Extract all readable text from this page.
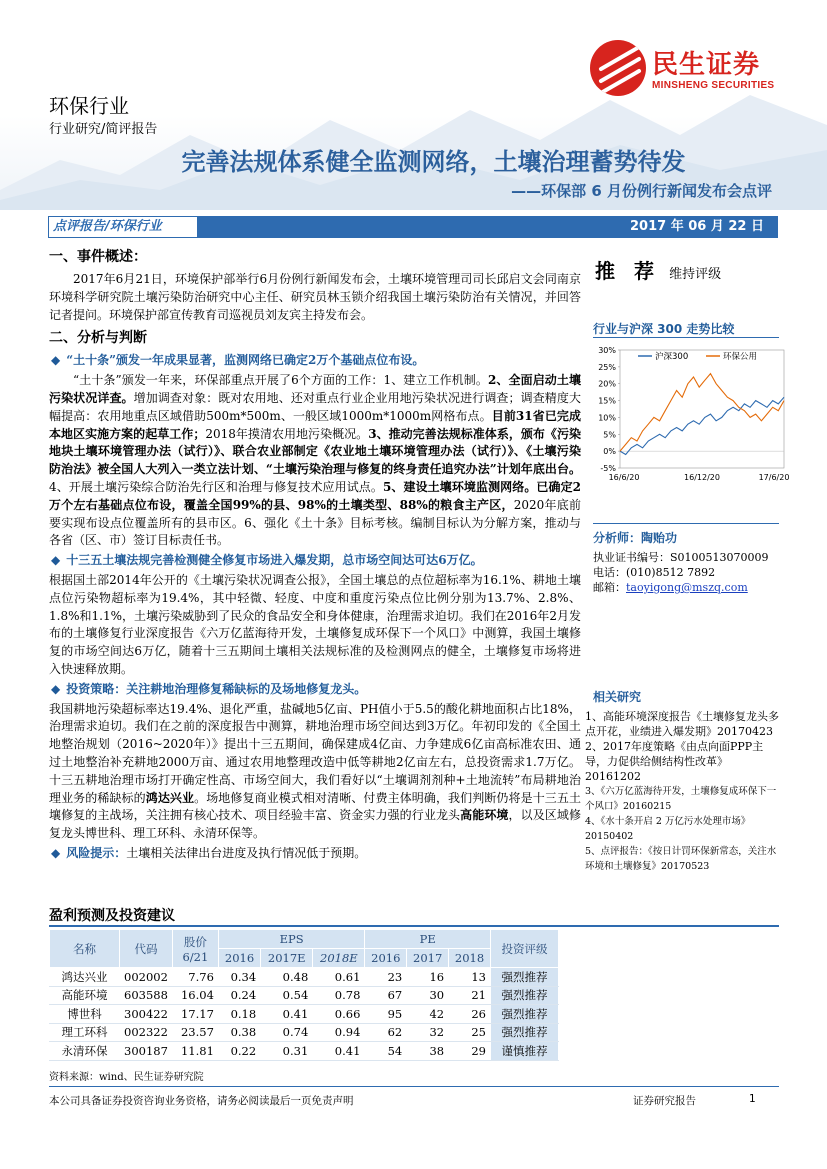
民生证券
MINSHENG SECURITIES
环保行业
行业研究/简评报告
完善法规体系健全监测网络，土壤治理蓄势待发
——环保部 6 月份例行新闻发布会点评
点评报告/环保行业	2017 年 06 月 22 日
一、事件概述：

2017年6月21日，环境保护部举行6月份例行新闻发布会，土壤环境管理司司长邱启文会同南京环境科学研究院土壤污染防治研究中心主任、研究员林玉锁介绍我国土壤污染防治有关情况，并回答记者提问。环境保护部宣传教育司巡视员刘友宾主持发布会。

二、分析与判断
◆ “土十条”颁发一年成果显著，监测网络已确定2万个基础点位布设。

“土十条”颁发一年来，环保部重点开展了6个方面的工作：1、建立工作机制。2、全面启动土壤污染状况详查。增加调查对象：既对农用地、还对重点行业企业用地污染状况进行调查；调查精度大幅提高：农用地重点区域借助500m*500m、一般区域1000m*1000m网格布点。目前31省已完成本地区实施方案的起草工作；2018年摸清农用地污染概况。3、推动完善法规标准体系，颁布《污染地块土壤环境管理办法（试行）》、联合农业部制定《农业地土壤环境管理办法（试行）》、《土壤污染防治法》被全国人大列入一类立法计划、“土壤污染治理与修复的终身责任追究办法”计划年底出台。4、开展土壤污染综合防治先行区和治理与修复技术应用试点。5、建设土壤环境监测网络。已确定2万个左右基础点位布设，覆盖全国99%的县、98%的土壤类型、88%的粮食主产区，2020年底前要实现布设点位覆盖所有的县市区。6、强化《土十条》目标考核。编制目标认为分解方案，推动与各省（区、市）签订目标责任书。

◆ 十三五土壤法规完善检测健全修复市场进入爆发期，总市场空间达可达6万亿。

根据国土部2014年公开的《土壤污染状况调查公报》，全国土壤总的点位超标率为16.1%、耕地土壤点位污染物超标率为19.4%，其中轻微、轻度、中度和重度污染点位比例分别为13.7%、2.8%、1.8%和1.1%，土壤污染威胁到了民众的食品安全和身体健康，治理需求迫切。我们在2016年2月发布的土壤修复行业深度报告《六万亿蓝海待开发，土壤修复成环保下一个风口》中测算，我国土壤修复的市场空间达6万亿，随着十三五期间土壤相关法规标准的及检测网点的健全，土壤修复市场将进入快速释放期。

◆ 投资策略：关注耕地治理修复稀缺标的及场地修复龙头。

我国耕地污染超标率达19.4%、退化严重，盐碱地5亿亩、PH值小于5.5的酸化耕地面积占比18%，治理需求迫切。我们在之前的深度报告中测算，耕地治理市场空间达到3万亿。年初印发的《全国土地整治规划（2016~2020年）》提出十三五期间，确保建成4亿亩、力争建成6亿亩高标准农田、通过土地整治补充耕地2000万亩、通过农用地整理改造中低等耕地2亿亩左右，总投资需求1.7万亿。十三五耕地治理市场打开确定性高、市场空间大，我们看好以“土壤调剂剂种+土地流转”布局耕地治理业务的稀缺标的鸿达兴业。场地修复商业模式相对清晰、付费主体明确，我们判断仍将是十三五土壤修复的主战场，关注拥有核心技术、项目经验丰富、资金实力强的行业龙头高能环境，以及区域修复龙头博世科、理工环科、永清环保等。

◆ 风险提示：土壤相关法律出台进度及执行情况低于预期。
盈利预测及投资建议
名称	代码	股价
6/21	EPS			PE			投资评级
			2016	2017E	2018E	2016	2017	2018	
鸿达兴业	002002	7.76	0.34	0.48	0.61	23	16	13	强烈推荐
高能环境	603588	16.04	0.24	0.54	0.78	67	30	21	强烈推荐
博世科	300422	17.17	0.18	0.41	0.66	95	42	26	强烈推荐
理工环科	002322	23.57	0.38	0.74	0.94	62	32	25	强烈推荐
永清环保	300187	11.81	0.22	0.31	0.41	54	38	29	谨慎推荐
资料来源：wind、民生证券研究院
推 荐 维持评级
行业与沪深 300 走势比较
30%
25%
20%
15%
10%
5%
0%
-5%
16/6/20	16/12/20	17/6/20
沪深300	环保公用
分析师：陶贻功
执业证书编号：S0100513070009
电话：(010)8512 7892
邮箱：taoyigong@mszq.com
相关研究
1、高能环境深度报告《土壤修复龙头多点开花，业绩进入爆发期》20170423
2、2017年度策略《由点向面PPP主导，力促供给侧结构性改革》20161202
3、《六万亿蓝海待开发，土壤修复成环保下一个风口》20160215
4、《水十条开启 2 万亿污水处理市场》20150402
5、点评报告：《按日计罚环保新常态，关注水环境和土壤修复》20170523
本公司具备证券投资咨询业务资格，请务必阅读最后一页免责声明	证券研究报告	1
